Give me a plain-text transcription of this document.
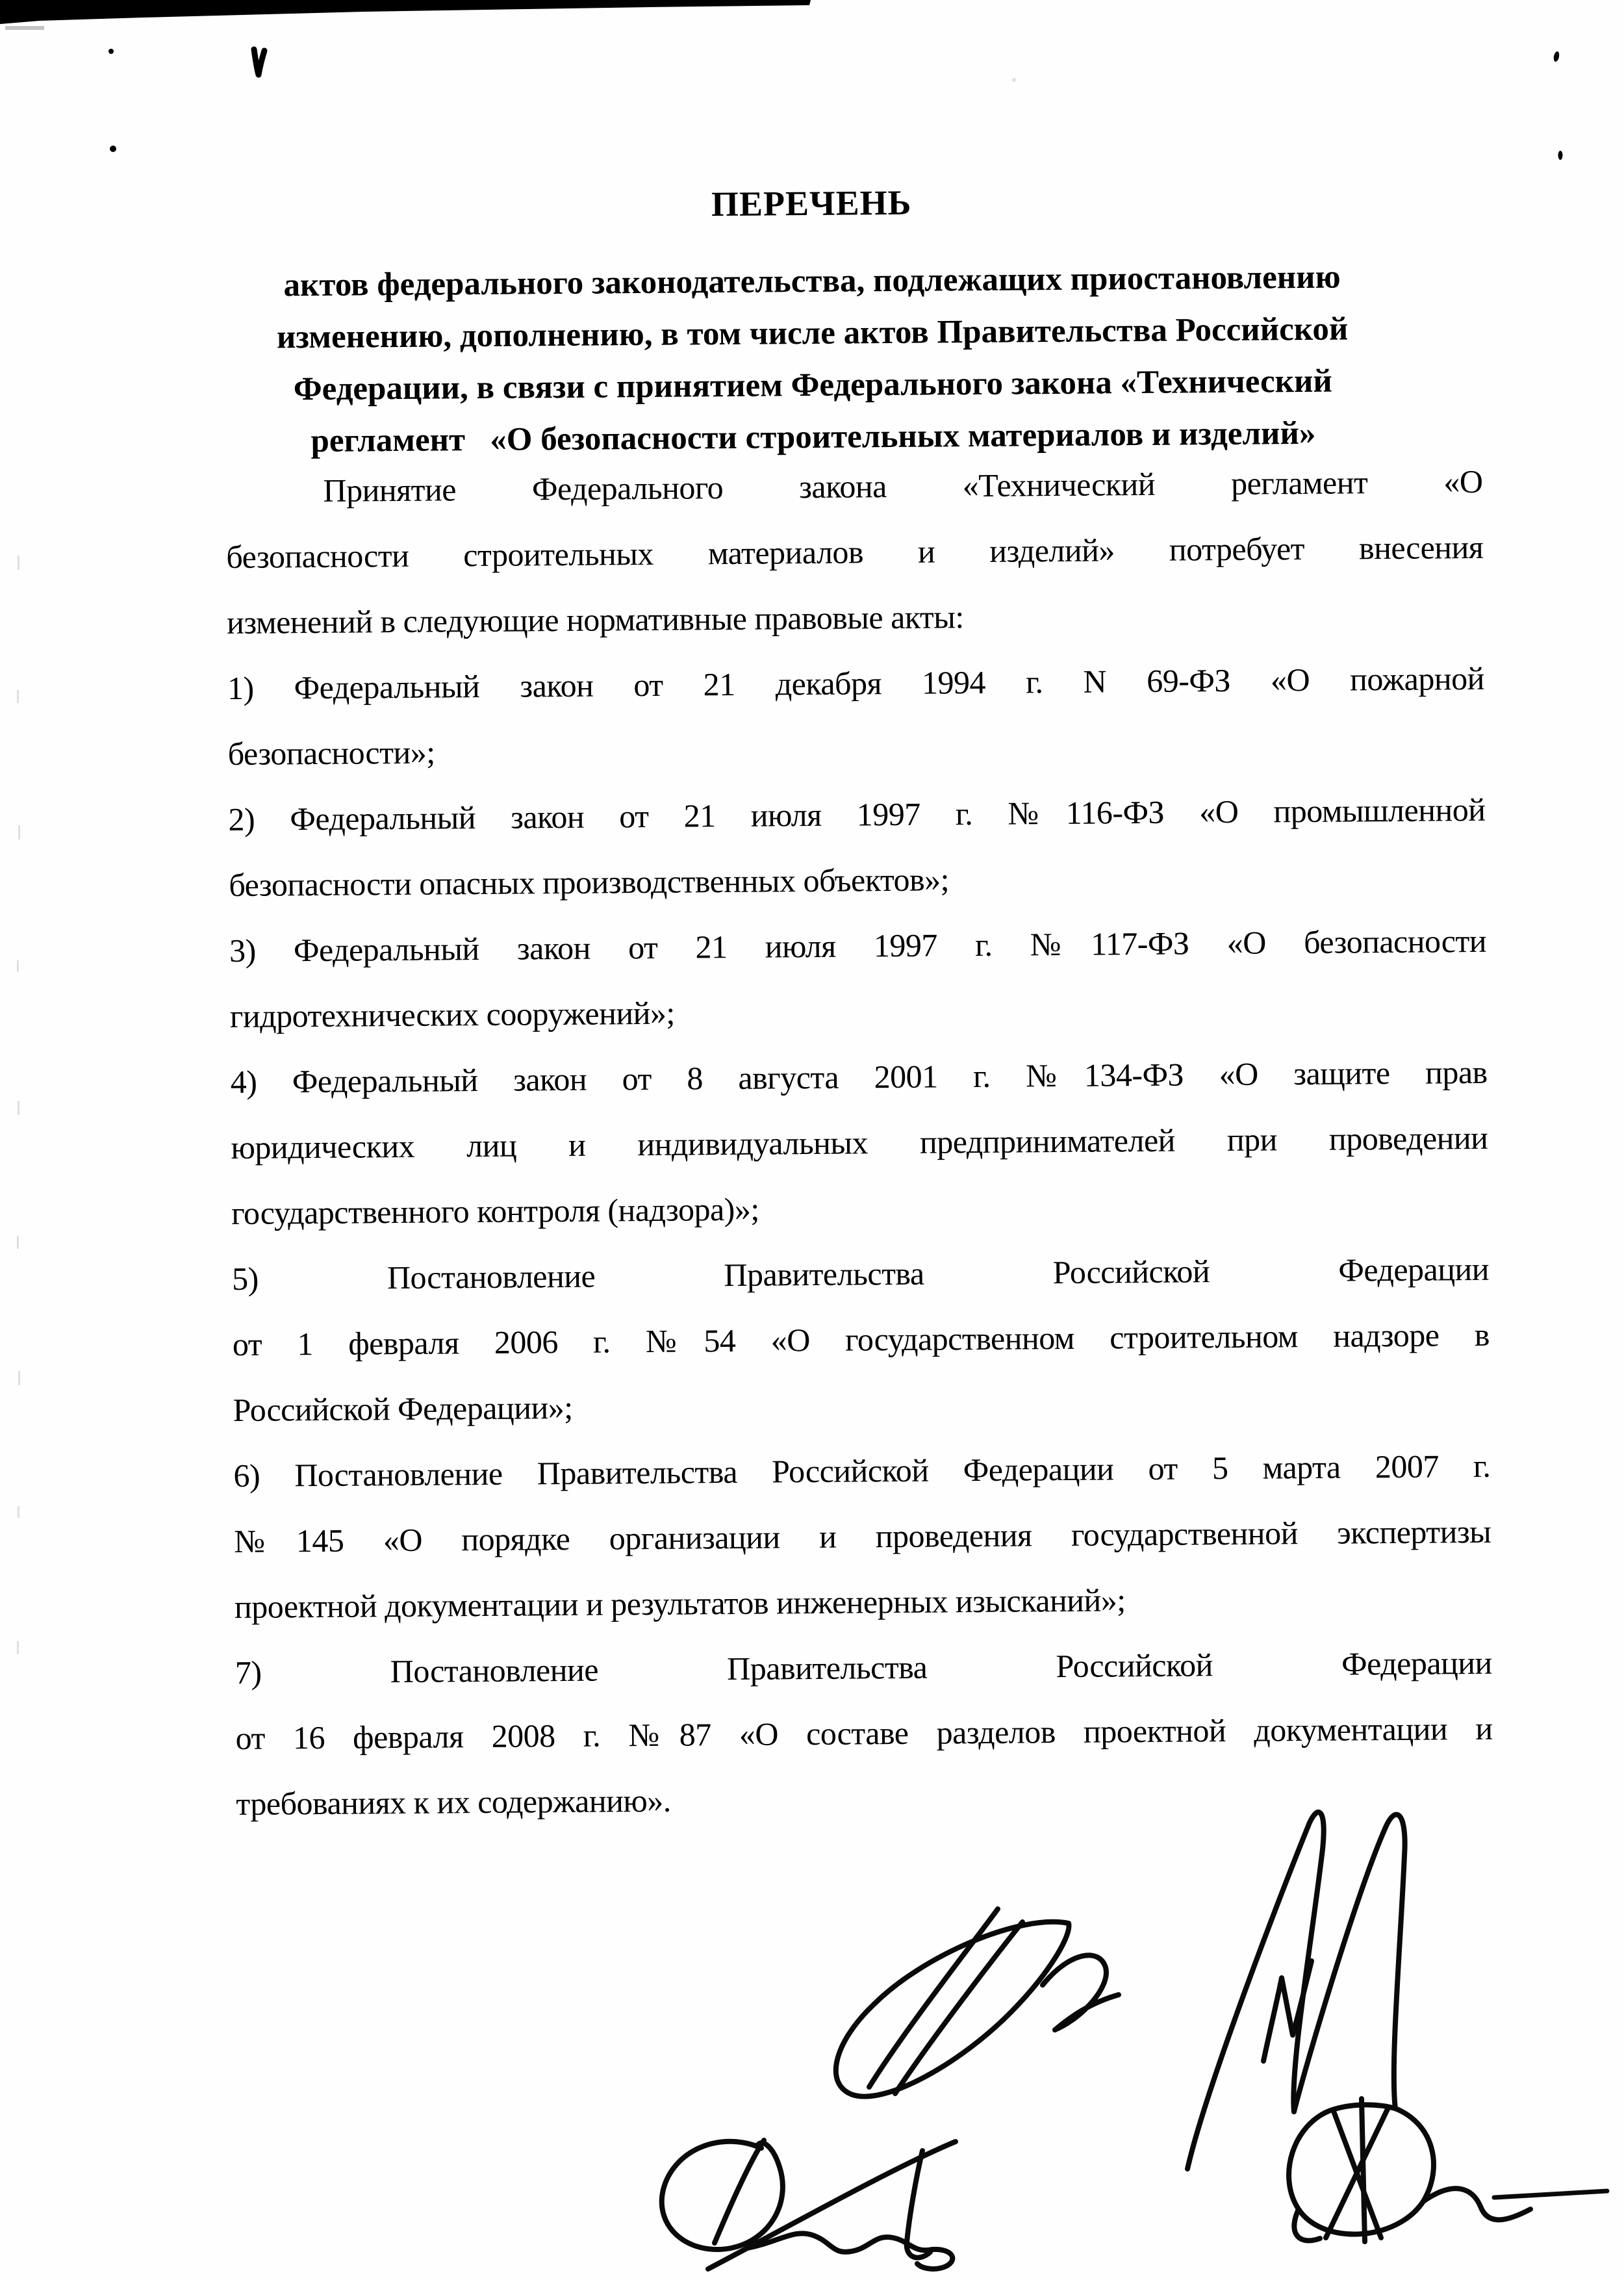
ПЕРЕЧЕНЬ
актов федерального законодательства, подлежащих приостановлению
изменению, дополнению, в том числе актов Правительства Российской
Федерации, в связи с принятием Федерального закона «Технический
регламент  «О безопасности строительных материалов и изделий»
Принятие Федерального закона «Технический регламент «О
безопасности строительных материалов и изделий» потребует внесения
изменений в следующие нормативные правовые акты:
1) Федеральный закон от 21 декабря 1994 г. N 69-ФЗ «О пожарной
безопасности»;
2) Федеральный закон от 21 июля 1997 г. №116-ФЗ «О промышленной
безопасности опасных производственных объектов»;
3) Федеральный закон от 21 июля 1997 г. №117-ФЗ «О безопасности
гидротехнических сооружений»;
4) Федеральный закон от 8 августа 2001 г. №134-ФЗ «О защите прав
юридических лиц и индивидуальных предпринимателей при проведении
государственного контроля (надзора)»;
5) Постановление Правительства Российской Федерации
от 1 февраля 2006 г. №54 «О государственном строительном надзоре в
Российской Федерации»;
6) Постановление Правительства Российской Федерации от 5 марта 2007 г.
№145 «О порядке организации и проведения государственной экспертизы
проектной документации и результатов инженерных изысканий»;
7) Постановление Правительства Российской Федерации
от 16 февраля 2008 г. №87 «О составе разделов проектной документации и
требованиях к их содержанию».
